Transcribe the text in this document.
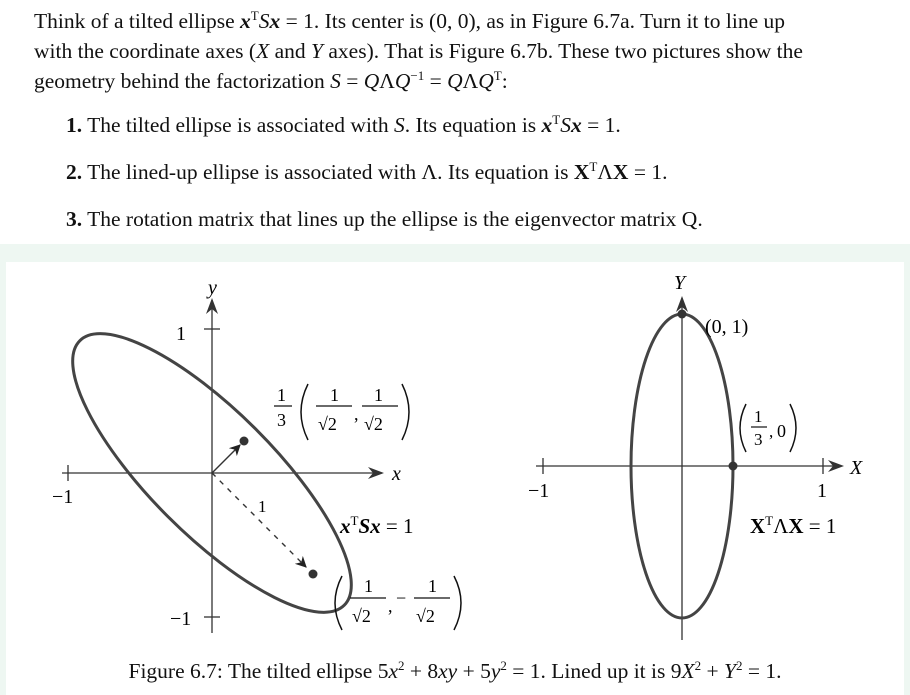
Think of a tilted ellipse $x^TSx = 1$. Its center is (0, 0), as in Figure 6.7a. Turn it to line up
with the coordinate axes (X and Y axes). That is Figure 6.7b. These two pictures show the
geometry behind the factorization $S = Q\Lambda Q^{-1} = Q\Lambda Q^T$:
1. The tilted ellipse is associated with S. Its equation is $x^TSx = 1$.
2. The lined-up ellipse is associated with Λ. Its equation is $X^T\Lambda X = 1$.
3. The rotation matrix that lines up the ellipse is the eigenvector matrix Q.
y
x
1
−1
−1	1
1
3
1
√2 ,
1
√2
$x^TSx = 1$
1
√2 , −
1
√2
Y
X
−1	1
(0, 1)
1
3 , 0
$X^T\Lambda X = 1$
Figure 6.7: The tilted ellipse $5x^2 + 8xy + 5y^2 = 1$. Lined up it is $9X^2 + Y^2 = 1$.
